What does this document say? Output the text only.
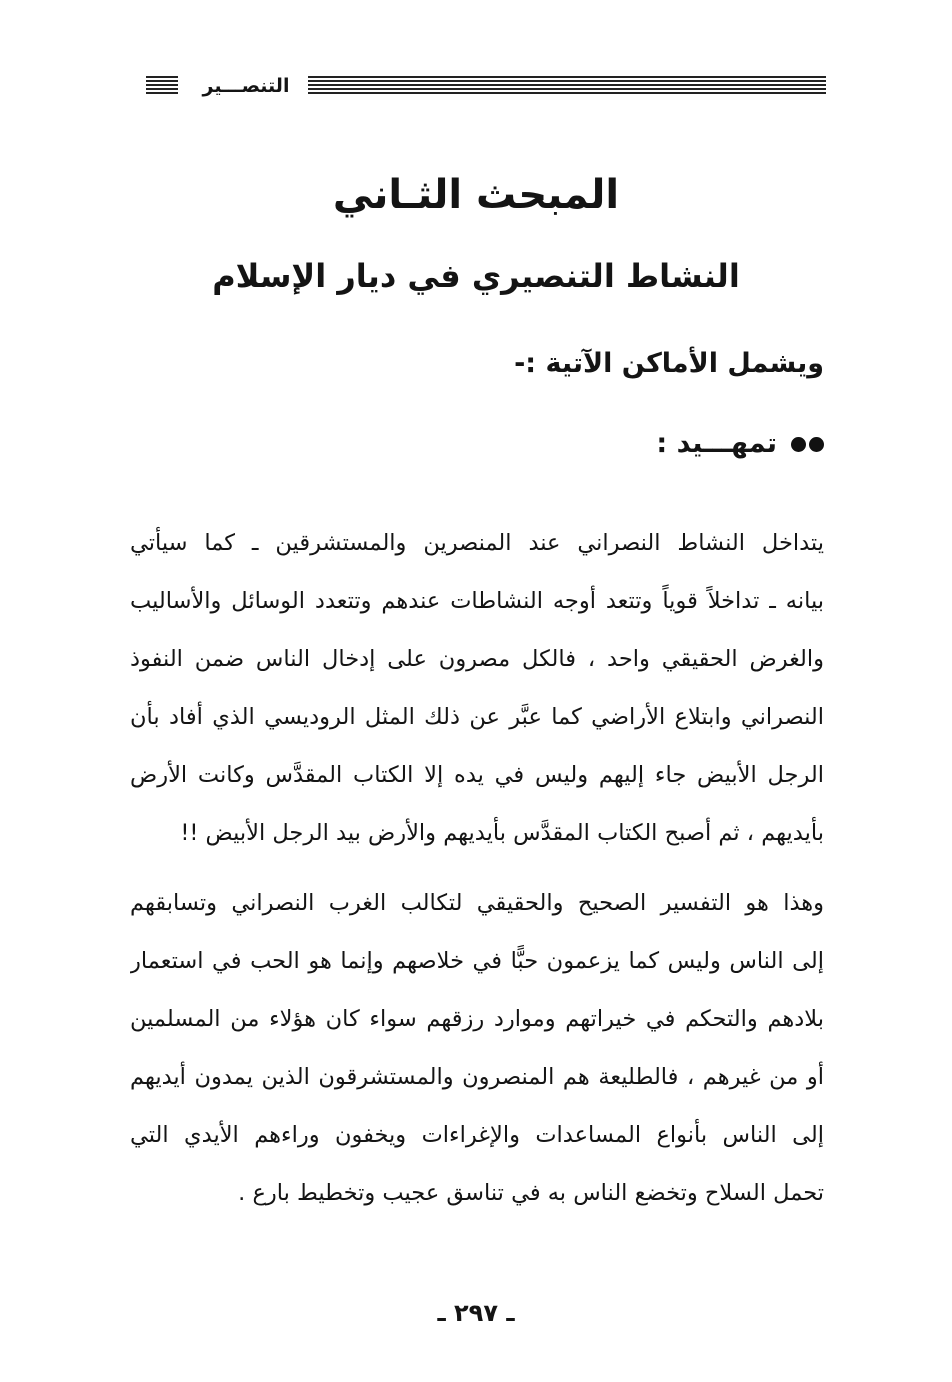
التنصـــير
المبحث الثـاني
النشاط التنصيري في ديار الإسلام
ويشمل الأماكن الآتية :-
تمهـــيد :
يتداخل النشاط النصراني عند المنصرين والمستشرقين ـ كما سيأتي
بيانه ـ تداخلاً قوياً وتتعد أوجه النشاطات عندهم وتتعدد الوسائل والأساليب
والغرض الحقيقي واحد ، فالكل مصرون على إدخال الناس ضمن النفوذ
النصراني وابتلاع الأراضي كما عبَّر عن ذلك المثل الروديسي الذي أفاد بأن
الرجل الأبيض جاء إليهم وليس في يده إلا الكتاب المقدَّس وكانت الأرض
بأيديهم ، ثم أصبح الكتاب المقدَّس بأيديهم والأرض بيد الرجل الأبيض !!
وهذا هو التفسير الصحيح والحقيقي لتكالب الغرب النصراني وتسابقهم
إلى الناس وليس كما يزعمون حبًّا في خلاصهم وإنما هو الحب في استعمار
بلادهم والتحكم في خيراتهم وموارد رزقهم سواء كان هؤلاء من المسلمين
أو من غيرهم ، فالطليعة هم المنصرون والمستشرقون الذين يمدون أيديهم
إلى الناس بأنواع المساعدات والإغراءات ويخفون وراءهم الأيدي التي
تحمل السلاح وتخضع الناس به في تناسق عجيب وتخطيط بارع .
ـ ٢٩٧ ـ
